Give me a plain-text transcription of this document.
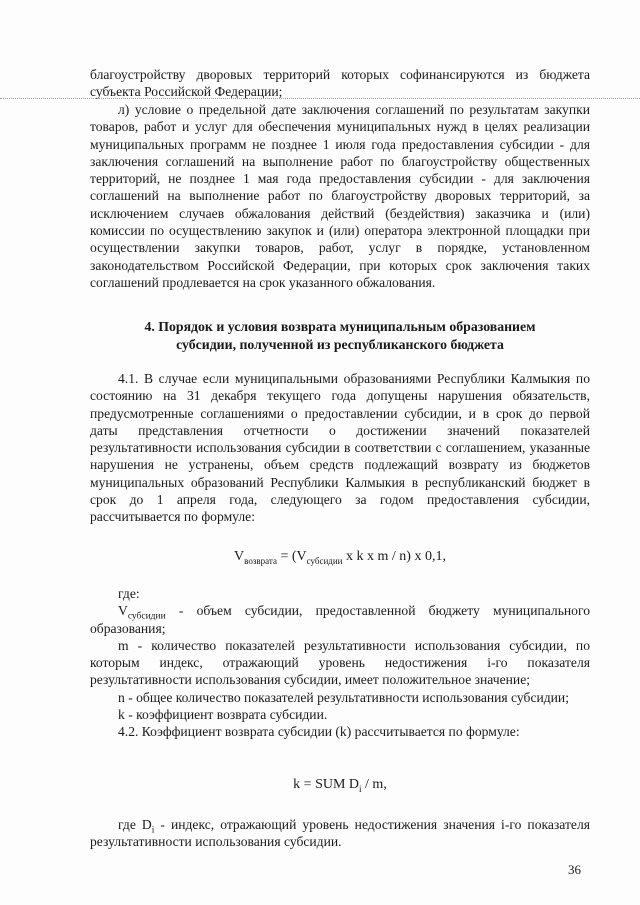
благоустройству дворовых территорий которых софинансируются из бюджета субъекта Российской Федерации;

л) условие о предельной дате заключения соглашений по результатам закупки товаров, работ и услуг для обеспечения муниципальных нужд в целях реализации муниципальных программ не позднее 1 июля года предоставления субсидии - для заключения соглашений на выполнение работ по благоустройству общественных территорий, не позднее 1 мая года предоставления субсидии - для заключения соглашений на выполнение работ по благоустройству дворовых территорий, за исключением случаев обжалования действий (бездействия) заказчика и (или) комиссии по осуществлению закупок и (или) оператора электронной площадки при осуществлении закупки товаров, работ, услуг в порядке, установленном законодательством Российской Федерации, при которых срок заключения таких соглашений продлевается на срок указанного обжалования.

4. Порядок и условия возврата муниципальным образованием
субсидии, полученной из республиканского бюджета

4.1. В случае если муниципальными образованиями Республики Калмыкия по состоянию на 31 декабря текущего года допущены нарушения обязательств, предусмотренные соглашениями о предоставлении субсидии, и в срок до первой даты представления отчетности о достижении значений показателей результативности использования субсидии в соответствии с соглашением, указанные нарушения не устранены, объем средств подлежащий возврату из бюджетов муниципальных образований Республики Калмыкия в республиканский бюджет в срок до 1 апреля года, следующего за годом предоставления субсидии, рассчитывается по формуле:

$V_{возврата} = (V_{субсидии}$ x k x m / n) x 0,1,

где:

$V_{субсидии}$ - объем субсидии, предоставленной бюджету муниципального образования;

m - количество показателей результативности использования субсидии, по которым индекс, отражающий уровень недостижения i-го показателя результативности использования субсидии, имеет положительное значение;

n - общее количество показателей результативности использования субсидии;

k - коэффициент возврата субсидии.

4.2. Коэффициент возврата субсидии (k) рассчитывается по формуле:

k = SUM $D_i$ / m,

где $D_i$ - индекс, отражающий уровень недостижения значения i-го показателя результативности использования субсидии.

36
